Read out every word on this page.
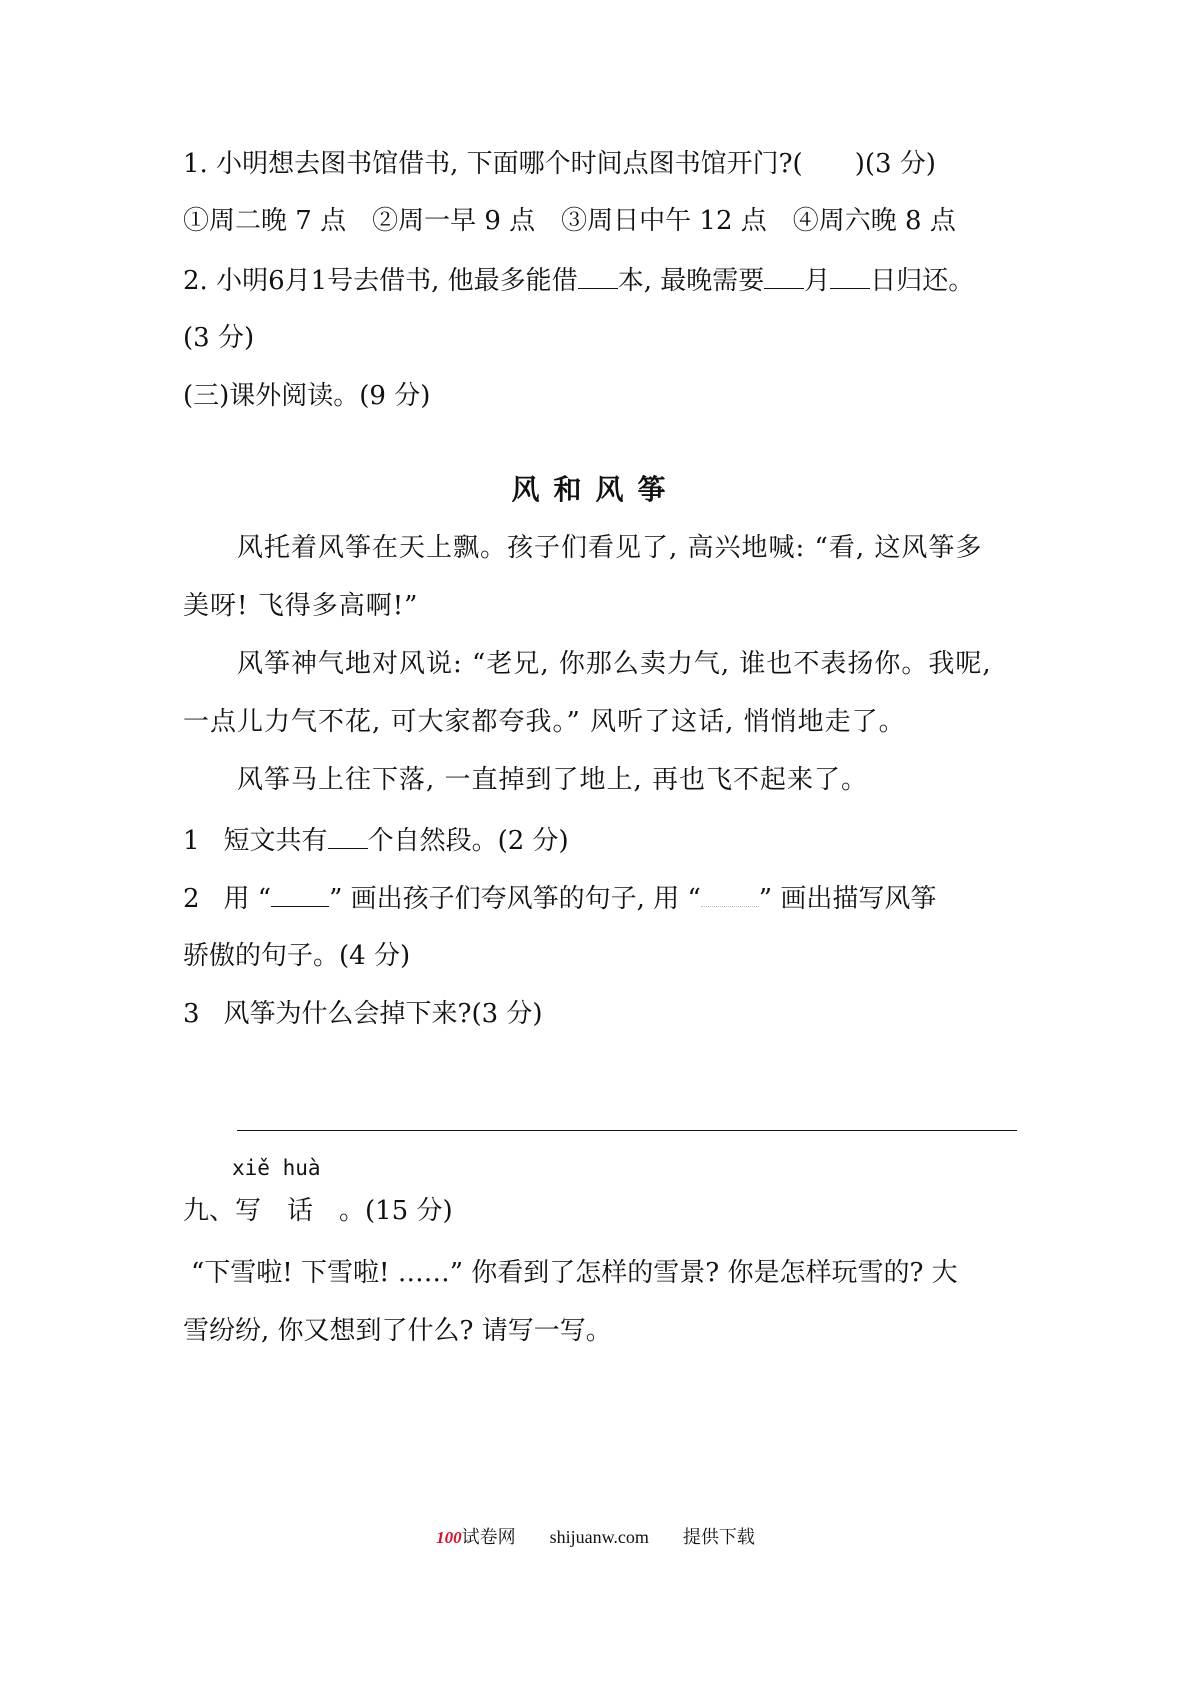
1. 小明想去图书馆借书, 下面哪个时间点图书馆开门?( )(3 分)
①周二晚 7 点　②周一早 9 点　③周日中午 12 点　④周六晚 8 点
2. 小明6月1号去借书, 他最多能借 本, 最晚需要 月 日归还。
(3 分)
(三)课外阅读。(9 分)
风和风筝
风托着风筝在天上飘。孩子们看见了, 高兴地喊: “看, 这风筝多
美呀! 飞得多高啊!”
风筝神气地对风说: “老兄, 你那么卖力气, 谁也不表扬你。我呢,
一点儿力气不花, 可大家都夸我。” 风听了这话, 悄悄地走了。
风筝马上往下落, 一直掉到了地上, 再也飞不起来了。
1 短文共有 个自然段。(2 分)
2 用 “ ” 画出孩子们夸风筝的句子, 用 “ ” 画出描写风筝
骄傲的句子。(4 分)
3 风筝为什么会掉下来?(3 分)
xiě huà
九、写　话　。(15 分)
“下雪啦! 下雪啦! ……” 你看到了怎样的雪景? 你是怎样玩雪的? 大
雪纷纷, 你又想到了什么? 请写一写。
100试卷网 shijuanw.com 提供下载
